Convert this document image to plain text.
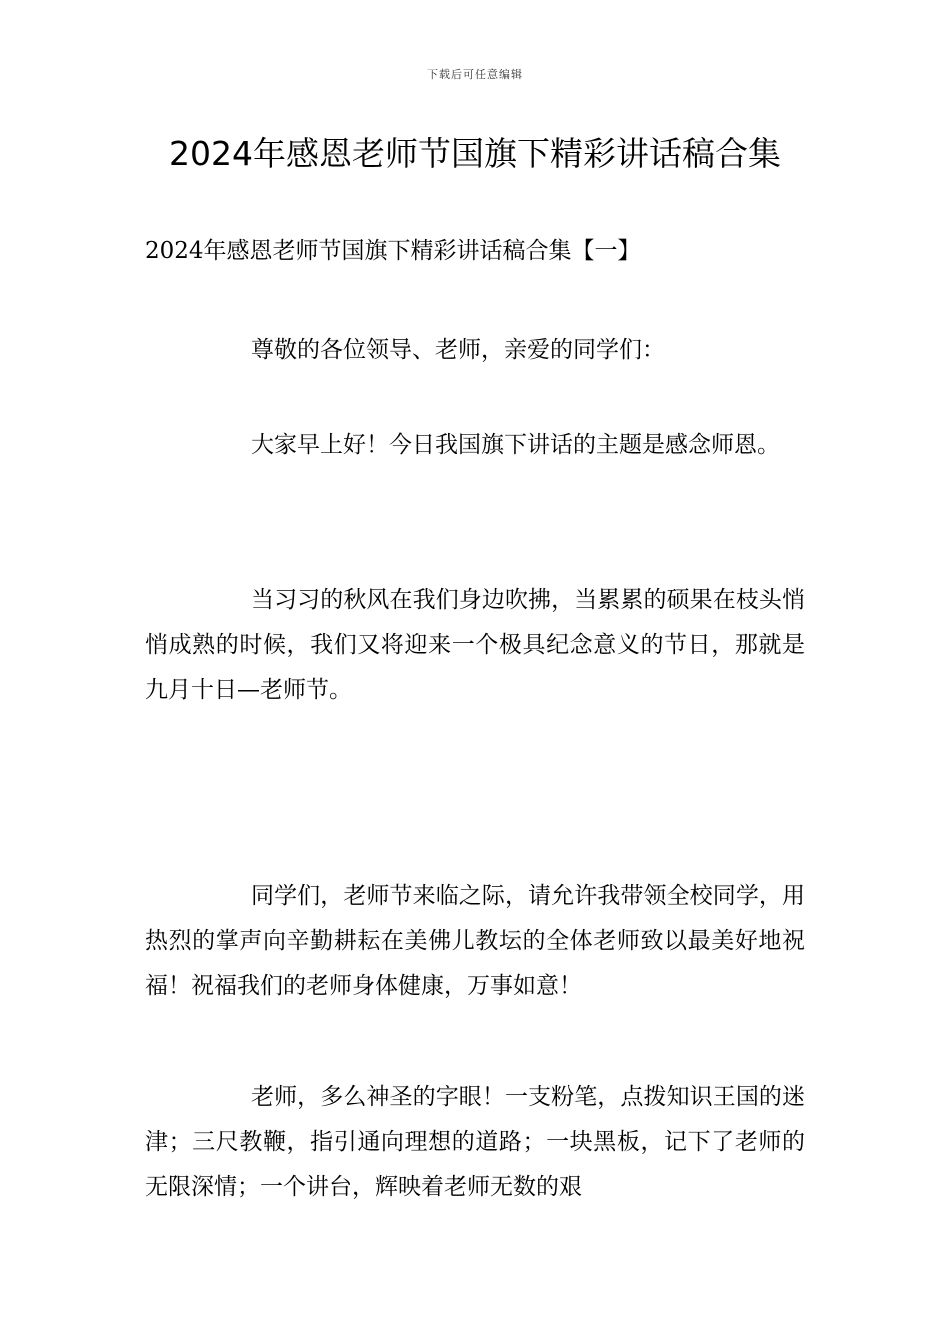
下载后可任意编辑
2024年感恩老师节国旗下精彩讲话稿合集
2024年感恩老师节国旗下精彩讲话稿合集【一】

尊敬的各位领导、老师，亲爱的同学们：

大家早上好！今日我国旗下讲话的主题是感念师恩。

当习习的秋风在我们身边吹拂，当累累的硕果在枝头悄悄成熟的时候，我们又将迎来一个极具纪念意义的节日，那就是九月十日—老师节。

同学们，老师节来临之际，请允许我带领全校同学，用热烈的掌声向辛勤耕耘在美佛儿教坛的全体老师致以最美好地祝福！祝福我们的老师身体健康，万事如意！

老师，多么神圣的字眼！一支粉笔，点拨知识王国的迷津；三尺教鞭，指引通向理想的道路；一块黑板，记下了老师的无限深情；一个讲台，辉映着老师无数的艰
